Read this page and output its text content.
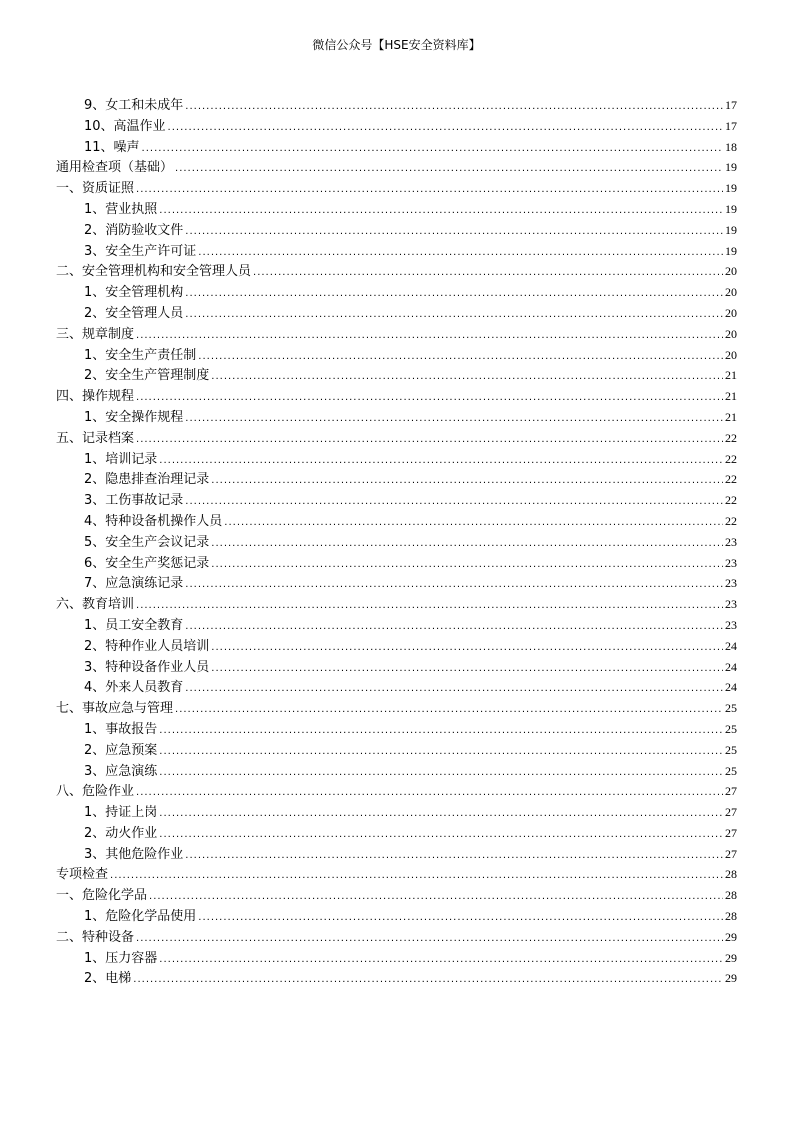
微信公众号【HSE安全资料库】
9、女工和未成年 .....	17
10、高温作业 .....	17
11、噪声 .....	18
通用检查项（基础） .....	19
一、资质证照 .....	19
1、营业执照 .....	19
2、消防验收文件 .....	19
3、安全生产许可证 .....	19
二、安全管理机构和安全管理人员 .....	20
1、安全管理机构 .....	20
2、安全管理人员 .....	20
三、规章制度 .....	20
1、安全生产责任制 .....	20
2、安全生产管理制度 .....	21
四、操作规程 .....	21
1、安全操作规程 .....	21
五、记录档案 .....	22
1、培训记录 .....	22
2、隐患排查治理记录 .....	22
3、工伤事故记录 .....	22
4、特种设备机操作人员 .....	22
5、安全生产会议记录 .....	23
6、安全生产奖惩记录 .....	23
7、应急演练记录 .....	23
六、教育培训 .....	23
1、员工安全教育 .....	23
2、特种作业人员培训 .....	24
3、特种设备作业人员 .....	24
4、外来人员教育 .....	24
七、事故应急与管理 .....	25
1、事故报告 .....	25
2、应急预案 .....	25
3、应急演练 .....	25
八、危险作业 .....	27
1、持证上岗 .....	27
2、动火作业 .....	27
3、其他危险作业 .....	27
专项检查 .....	28
一、危险化学品 .....	28
1、危险化学品使用 .....	28
二、特种设备 .....	29
1、压力容器 .....	29
2、电梯 .....	29
